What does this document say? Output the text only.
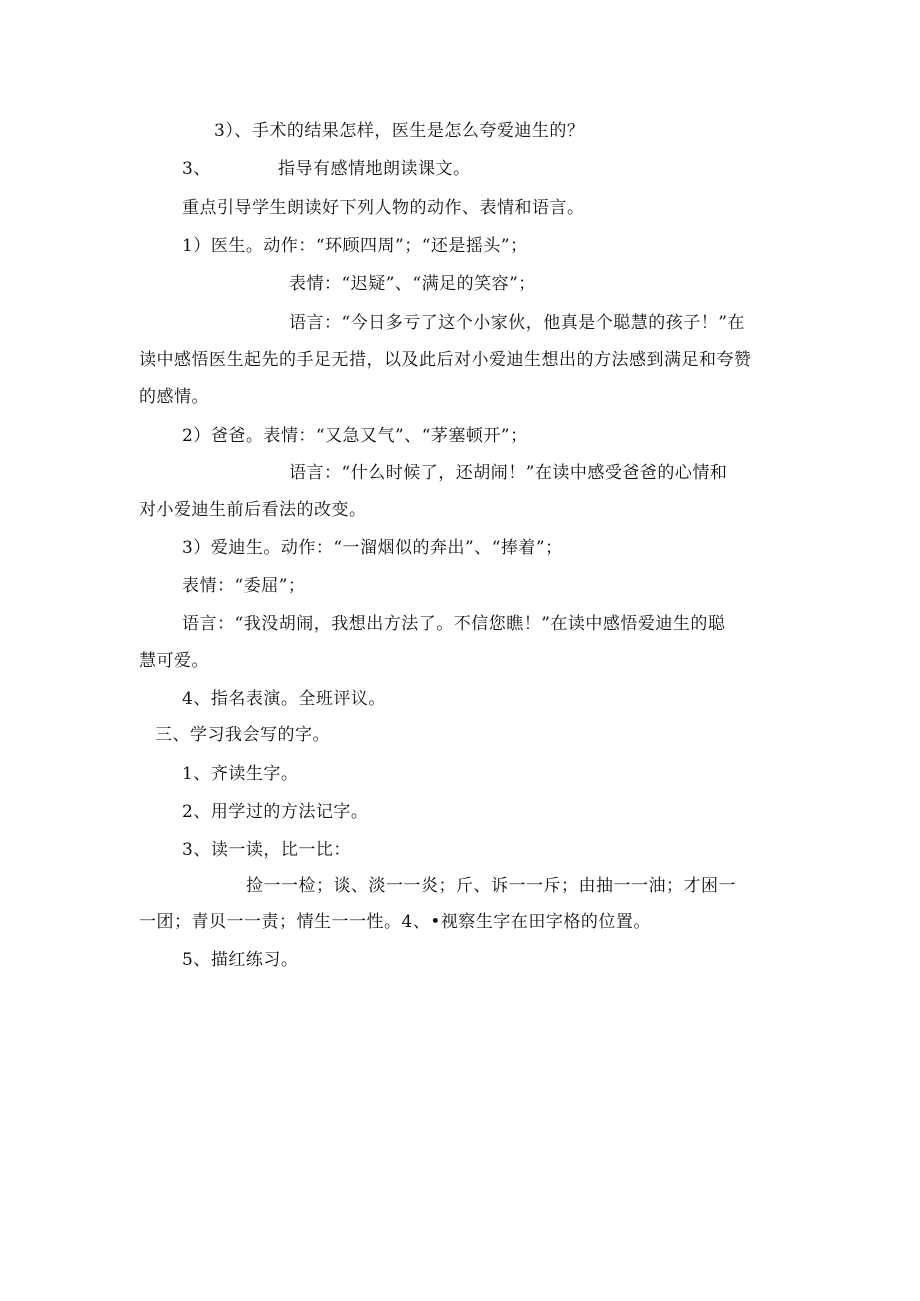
3）、手术的结果怎样，医生是怎么夸爱迪生的？
3、	指导有感情地朗读课文。
重点引导学生朗读好下列人物的动作、表情和语言。
1）医生。动作：“环顾四周”；“还是摇头”；
表情：“迟疑”、“满足的笑容”；
语言：“今日多亏了这个小家伙，他真是个聪慧的孩子！”在
读中感悟医生起先的手足无措，以及此后对小爱迪生想出的方法感到满足和夸赞
的感情。
2）爸爸。表情：“又急又气”、“茅塞顿开”；
语言：“什么时候了，还胡闹！”在读中感受爸爸的心情和
对小爱迪生前后看法的改变。
3）爱迪生。动作：“一溜烟似的奔出”、“捧着”；
表情：“委屈”；
语言：“我没胡闹，我想出方法了。不信您瞧！”在读中感悟爱迪生的聪
慧可爱。
4、指名表演。全班评议。
三、学习我会写的字。
1、齐读生字。
2、用学过的方法记字。
3、读一读，比一比：
捡一一检；谈、淡一一炎；斤、诉一一斥；由抽一一油；才困一
一团；青贝一一责；情生一一性。4、•视察生字在田字格的位置。
5、描红练习。
